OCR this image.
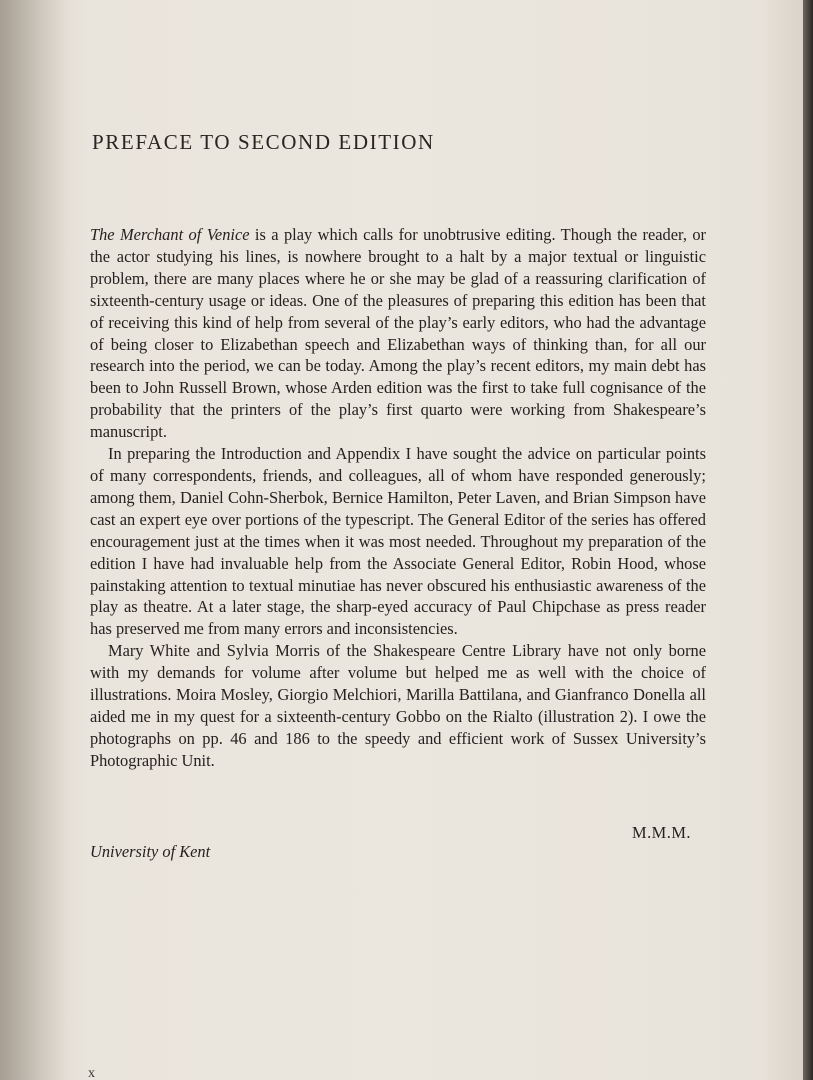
PREFACE TO SECOND EDITION

The Merchant of Venice is a play which calls for unobtrusive editing. Though the reader, or the actor studying his lines, is nowhere brought to a halt by a major textual or linguistic problem, there are many places where he or she may be glad of a reassuring clarification of sixteenth-century usage or ideas. One of the pleasures of preparing this edition has been that of receiving this kind of help from several of the play’s early editors, who had the advantage of being closer to Elizabethan speech and Elizabethan ways of thinking than, for all our research into the period, we can be today. Among the play’s recent editors, my main debt has been to John Russell Brown, whose Arden edition was the first to take full cognisance of the probability that the printers of the play’s first quarto were working from Shakespeare’s manuscript.

In preparing the Introduction and Appendix I have sought the advice on particular points of many correspondents, friends, and colleagues, all of whom have responded generously; among them, Daniel Cohn-Sherbok, Bernice Hamilton, Peter Laven, and Brian Simpson have cast an expert eye over portions of the typescript. The General Editor of the series has offered encouragement just at the times when it was most needed. Throughout my preparation of the edition I have had invaluable help from the Associate General Editor, Robin Hood, whose painstaking attention to textual minutiae has never obscured his enthusiastic awareness of the play as theatre. At a later stage, the sharp-eyed accuracy of Paul Chipchase as press reader has preserved me from many errors and inconsistencies.

Mary White and Sylvia Morris of the Shakespeare Centre Library have not only borne with my demands for volume after volume but helped me as well with the choice of illustrations. Moira Mosley, Giorgio Melchiori, Marilla Battilana, and Gianfranco Donella all aided me in my quest for a sixteenth-century Gobbo on the Rialto (illustration 2). I owe the photographs on pp. 46 and 186 to the speedy and efficient work of Sussex University’s Photographic Unit.

M.M.M.
University of Kent
x
